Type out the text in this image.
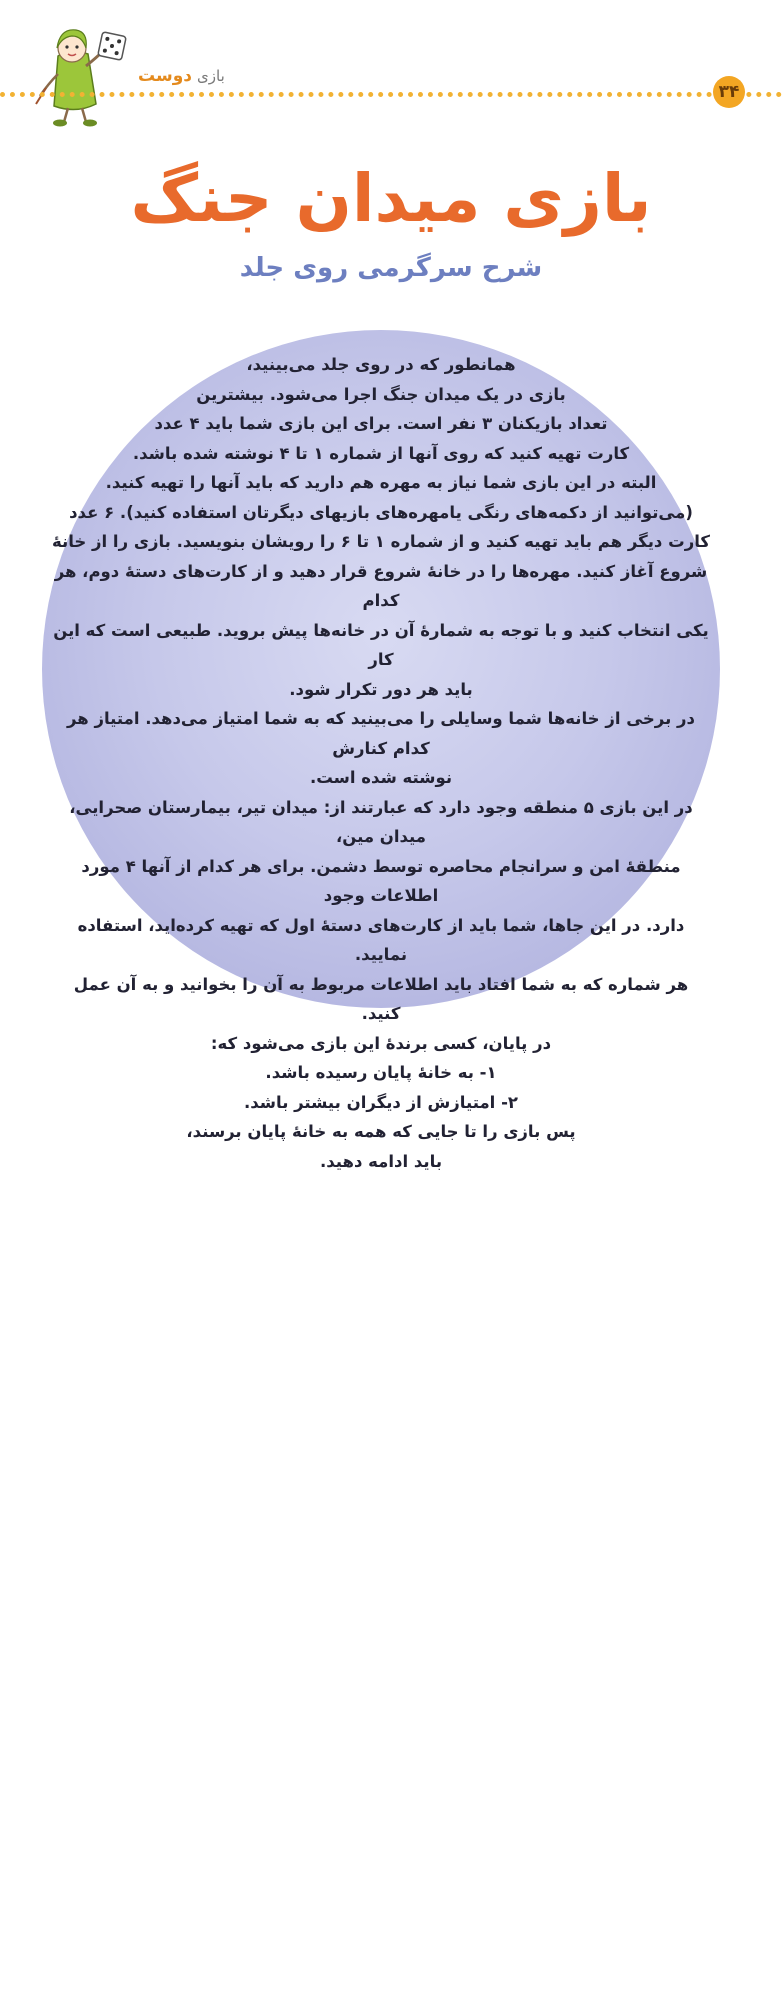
بازی
دوست
۳۴
بازی میدان جنگ
شرح سرگرمی روی جلد

همانطور که در روی جلد می‌بینید،

بازی در یک میدان جنگ اجرا می‌شود. بیشترین

تعداد بازیکنان ۳ نفر است. برای این بازی شما باید ۴ عدد

کارت تهیه کنید که روی آنها از شماره ۱ تا ۴ نوشته شده باشد.

البته در این بازی شما نیاز به مهره هم دارید که باید آنها را تهیه کنید.

(می‌توانید از دکمه‌های رنگی یامهره‌های بازیهای دیگرتان استفاده کنید). ۶ عدد

کارت دیگر هم باید تهیه کنید و از شماره ۱ تا ۶ را رویشان بنویسید. بازی را از خانهٔ

شروع آغاز کنید. مهره‌ها را در خانهٔ شروع قرار دهید و از کارت‌های دستهٔ دوم، هر کدام

یکی انتخاب کنید و با توجه به شمارهٔ آن در خانه‌ها پیش بروید. طبیعی است که این کار

باید هر دور تکرار شود.

در برخی از خانه‌ها شما وسایلی را می‌بینید که به شما امتیاز می‌دهد. امتیاز هر کدام کنارش

نوشته شده است.

در این بازی ۵ منطقه وجود دارد که عبارتند از: میدان تیر، بیمارستان صحرایی، میدان مین،

منطقهٔ امن و سرانجام محاصره توسط دشمن. برای هر کدام از آنها ۴ مورد اطلاعات وجود

دارد. در این جاها، شما باید از کارت‌های دستهٔ اول که تهیه کرده‌اید، استفاده نمایید.

هر شماره که به شما افتاد باید اطلاعات مربوط به آن را بخوانید و به آن عمل کنید.

در پایان، کسی برندهٔ این بازی می‌شود که:

۱- به خانهٔ پایان رسیده باشد.

۲- امتیازش از دیگران بیشتر باشد.

پس بازی را تا جایی که همه به خانهٔ پایان برسند،

باید ادامه دهید.
